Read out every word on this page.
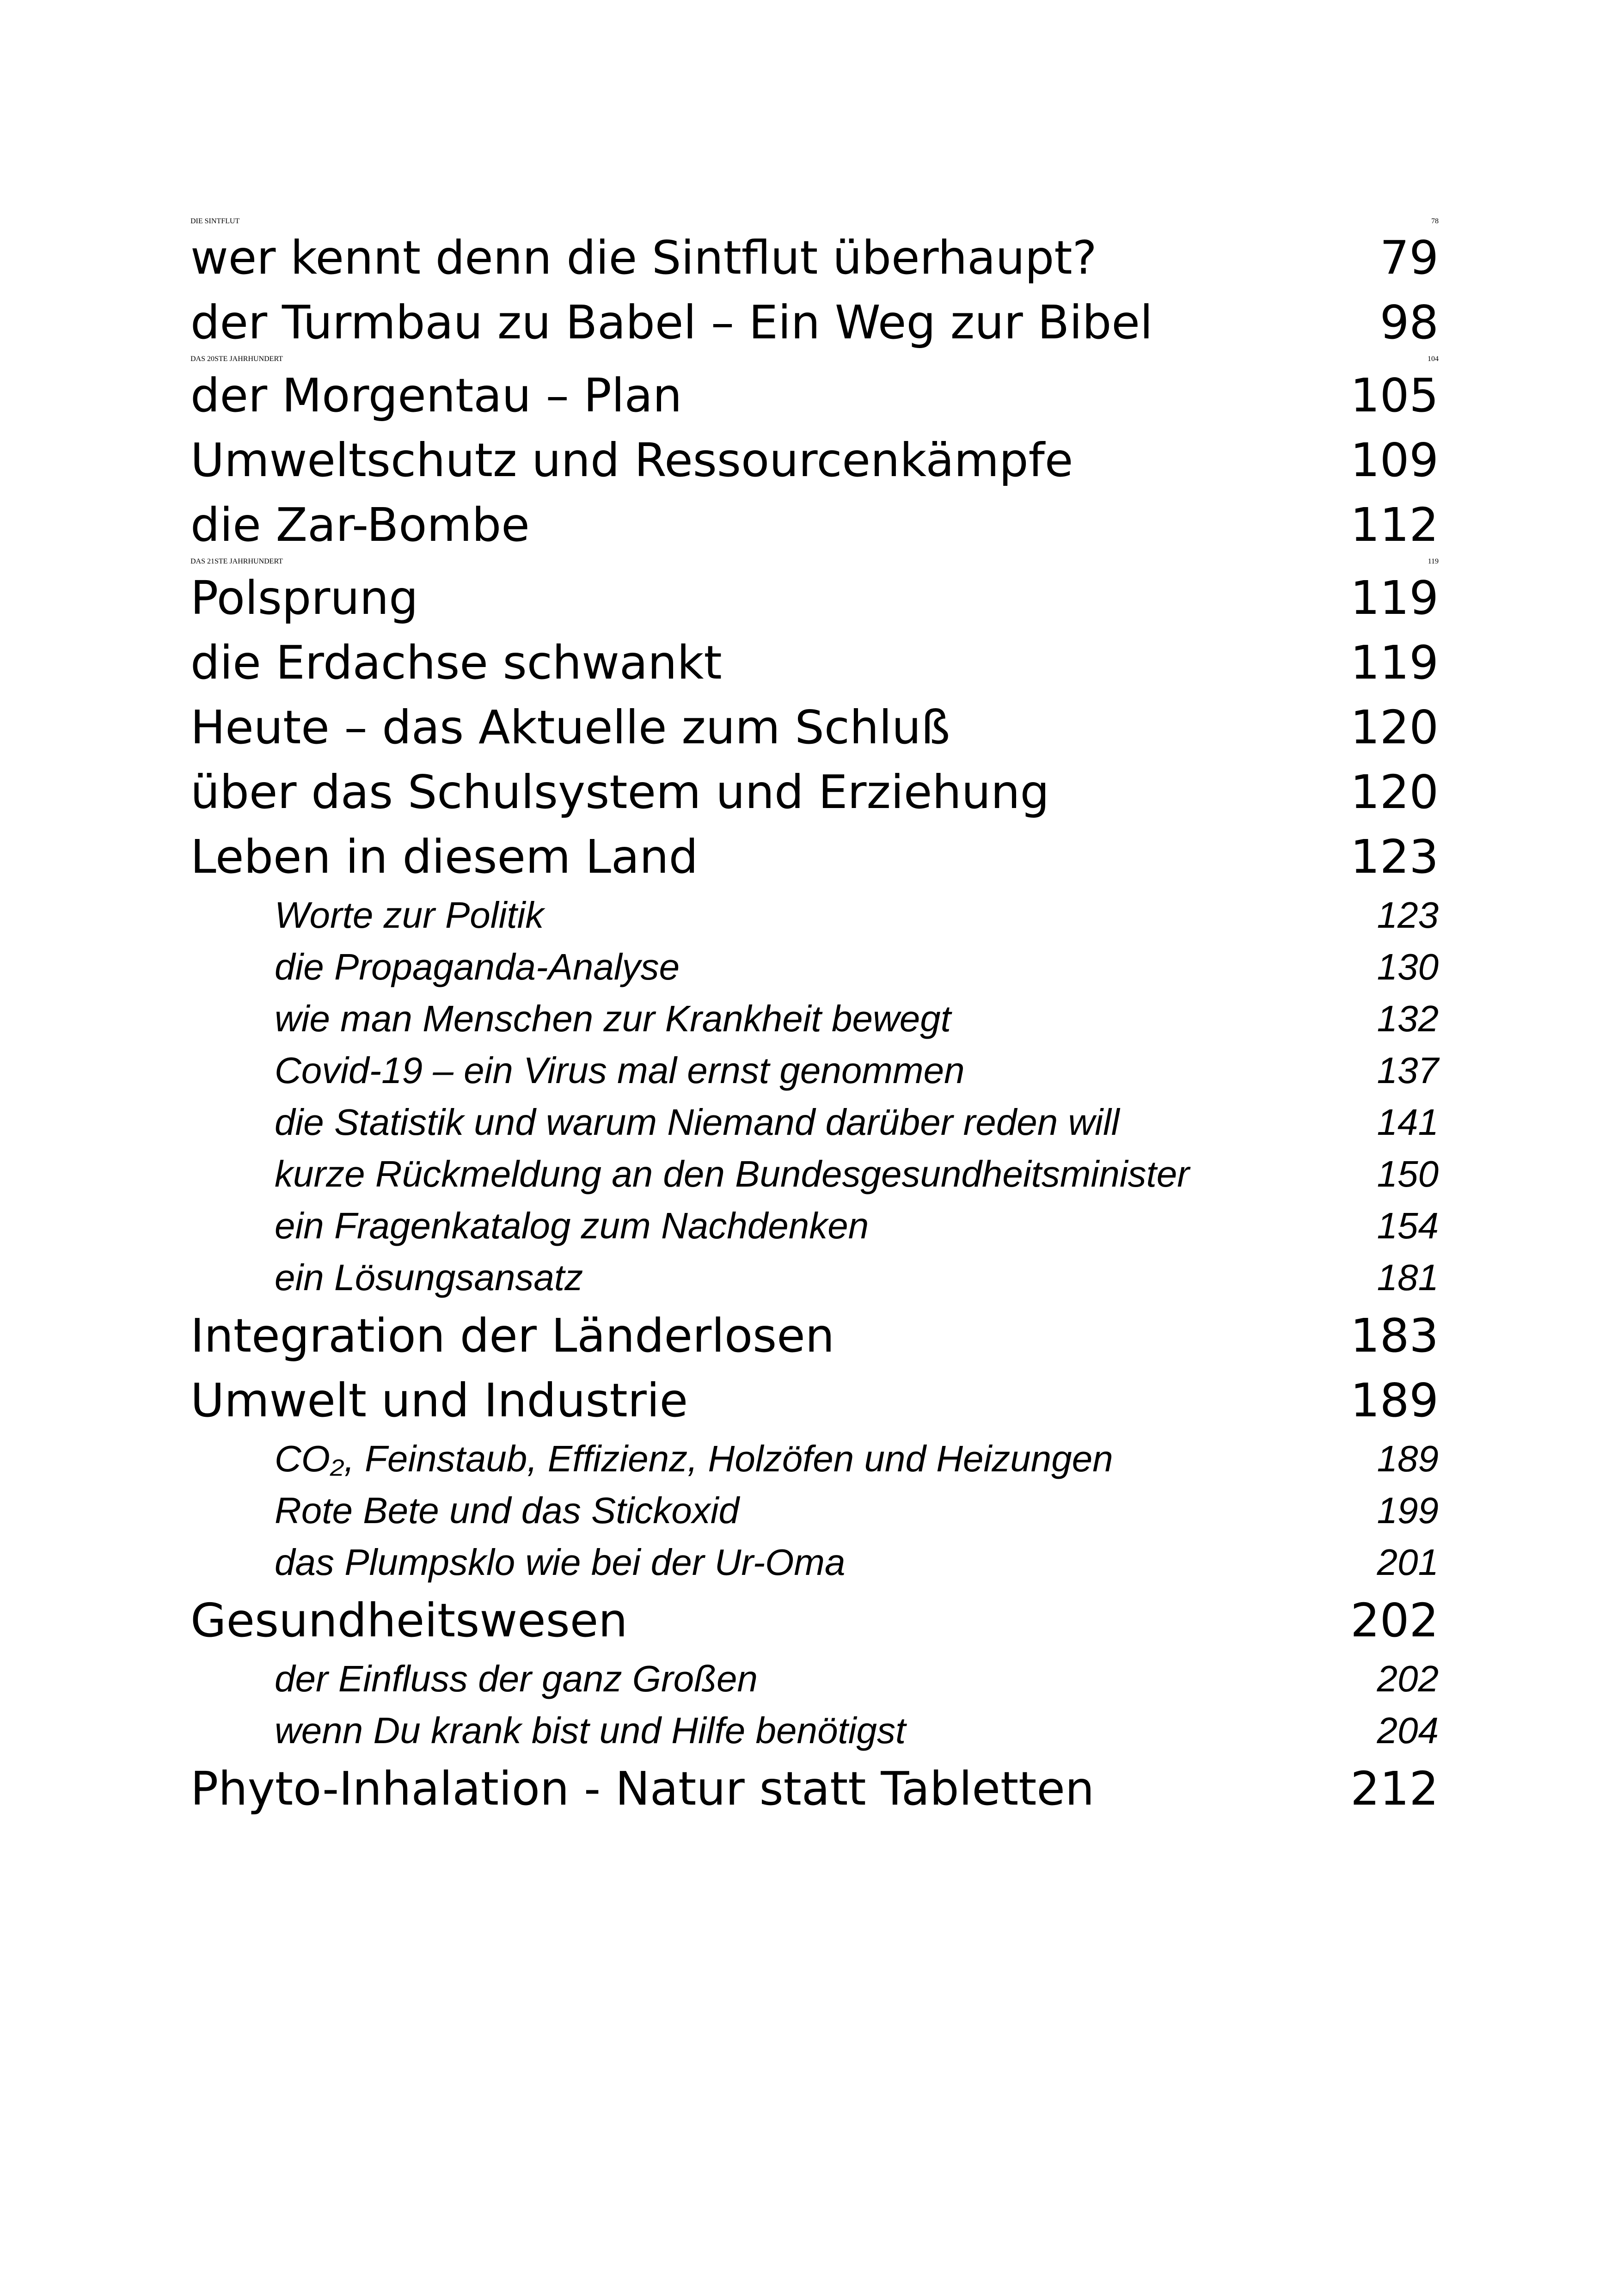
DIE SINTFLUT	78
wer kennt denn die Sintflut überhaupt?	79
der Turmbau zu Babel – Ein Weg zur Bibel	98
DAS 20STE JAHRHUNDERT	104
der Morgentau – Plan	105
Umweltschutz und Ressourcenkämpfe	109
die Zar-Bombe	112
DAS 21STE JAHRHUNDERT	119
Polsprung	119
die Erdachse schwankt	119
Heute – das Aktuelle zum Schluß	120
über das Schulsystem und Erziehung	120
Leben in diesem Land	123
Worte zur Politik	123
die Propaganda-Analyse	130
wie man Menschen zur Krankheit bewegt	132
Covid-19 – ein Virus mal ernst genommen	137
die Statistik und warum Niemand darüber reden will	141
kurze Rückmeldung an den Bundesgesundheitsminister	150
ein Fragenkatalog zum Nachdenken	154
ein Lösungsansatz	181
Integration der Länderlosen	183
Umwelt und Industrie	189
CO₂, Feinstaub, Effizienz, Holzöfen und Heizungen	189
Rote Bete und das Stickoxid	199
das Plumpsklo wie bei der Ur-Oma	201
Gesundheitswesen	202
der Einfluss der ganz Großen	202
wenn Du krank bist und Hilfe benötigst	204
Phyto-Inhalation - Natur statt Tabletten	212
